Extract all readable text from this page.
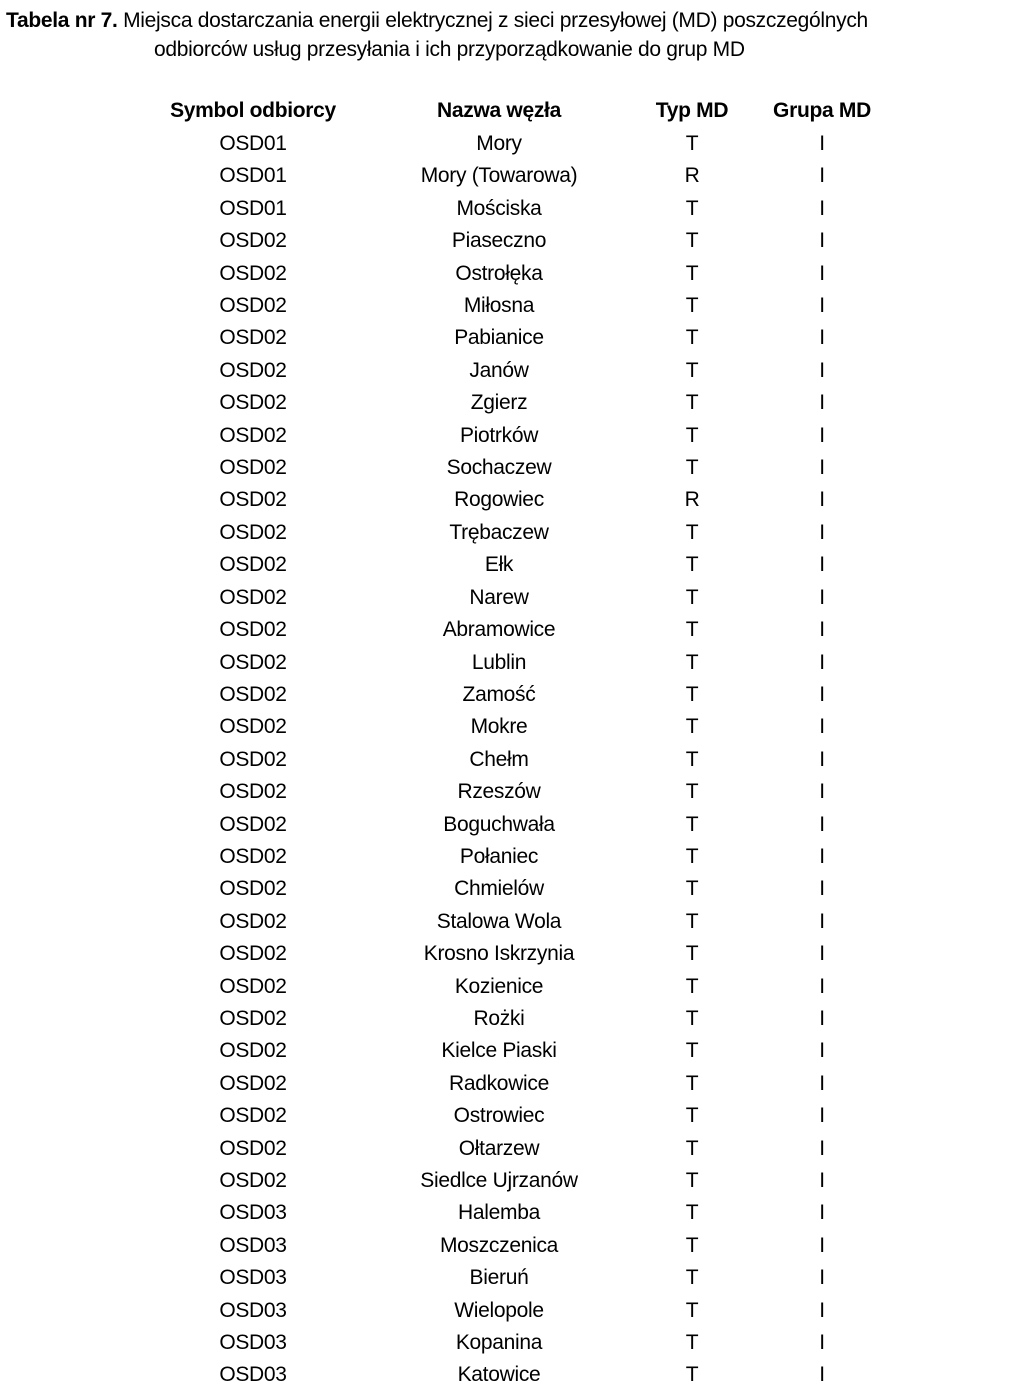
Tabela nr 7. Miejsca dostarczania energii elektrycznej z sieci przesyłowej (MD) poszczególnych
odbiorców usług przesyłania i ich przyporządkowanie do grup MD
Symbol odbiorcy	Nazwa węzła	Typ MD	Grupa MD
OSD01	Mory	T	I
OSD01	Mory (Towarowa)	R	I
OSD01	Mościska	T	I
OSD02	Piaseczno	T	I
OSD02	Ostrołęka	T	I
OSD02	Miłosna	T	I
OSD02	Pabianice	T	I
OSD02	Janów	T	I
OSD02	Zgierz	T	I
OSD02	Piotrków	T	I
OSD02	Sochaczew	T	I
OSD02	Rogowiec	R	I
OSD02	Trębaczew	T	I
OSD02	Ełk	T	I
OSD02	Narew	T	I
OSD02	Abramowice	T	I
OSD02	Lublin	T	I
OSD02	Zamość	T	I
OSD02	Mokre	T	I
OSD02	Chełm	T	I
OSD02	Rzeszów	T	I
OSD02	Boguchwała	T	I
OSD02	Połaniec	T	I
OSD02	Chmielów	T	I
OSD02	Stalowa Wola	T	I
OSD02	Krosno Iskrzynia	T	I
OSD02	Kozienice	T	I
OSD02	Rożki	T	I
OSD02	Kielce Piaski	T	I
OSD02	Radkowice	T	I
OSD02	Ostrowiec	T	I
OSD02	Ołtarzew	T	I
OSD02	Siedlce Ujrzanów	T	I
OSD03	Halemba	T	I
OSD03	Moszczenica	T	I
OSD03	Bieruń	T	I
OSD03	Wielopole	T	I
OSD03	Kopanina	T	I
OSD03	Katowice	T	I
